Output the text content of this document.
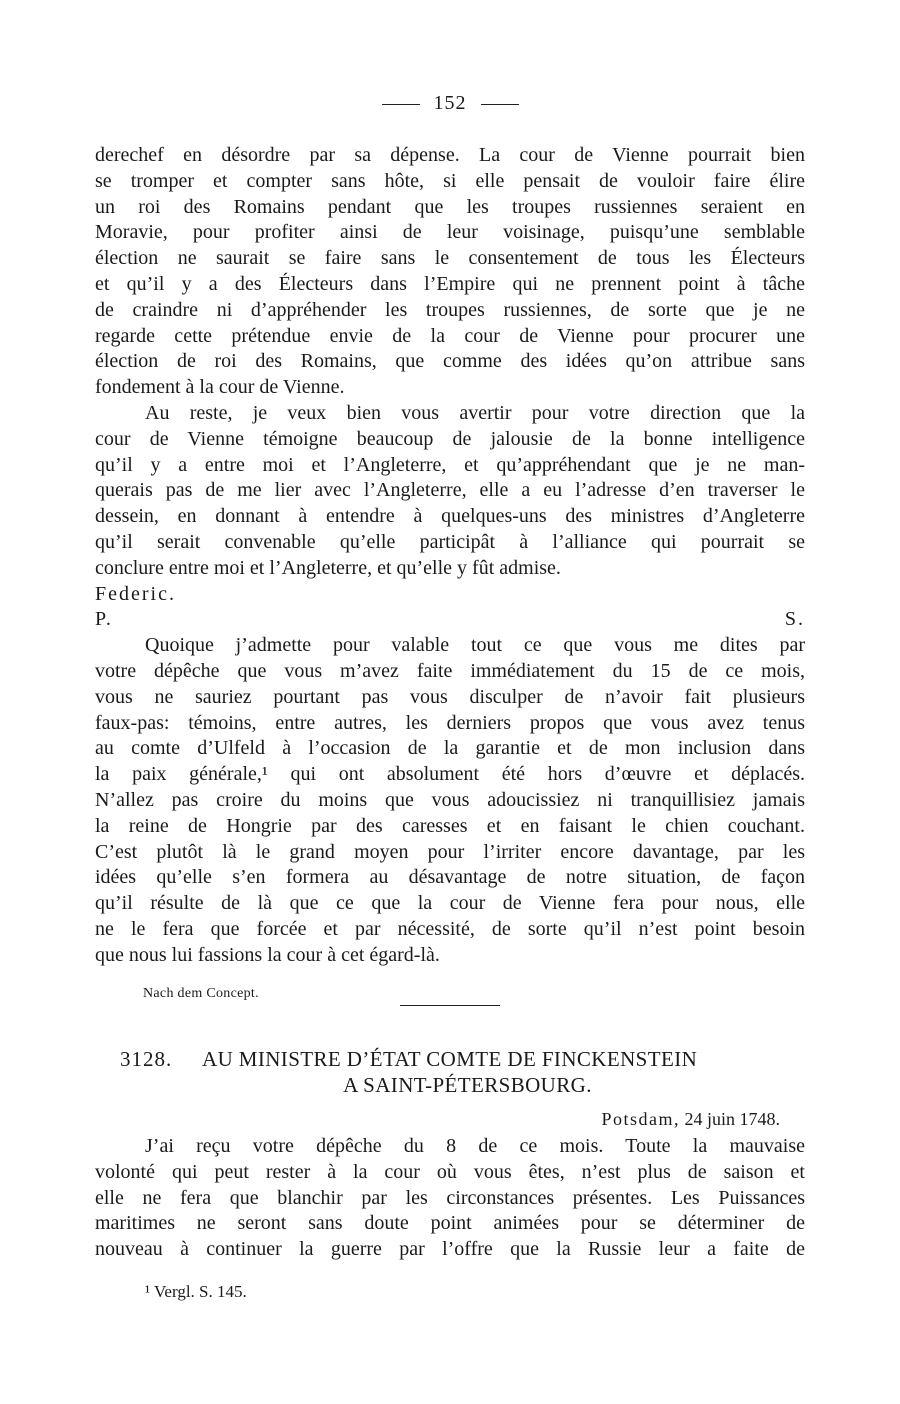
152
derechef en désordre par sa dépense. La cour de Vienne pourrait bien
se tromper et compter sans hôte, si elle pensait de vouloir faire élire
un roi des Romains pendant que les troupes russiennes seraient en
Moravie, pour profiter ainsi de leur voisinage, puisqu’une semblable
élection ne saurait se faire sans le consentement de tous les Électeurs
et qu’il y a des Électeurs dans l’Empire qui ne prennent point à tâche
de craindre ni d’appréhender les troupes russiennes, de sorte que je ne
regarde cette prétendue envie de la cour de Vienne pour procurer une
élection de roi des Romains, que comme des idées qu’on attribue sans
fondement à la cour de Vienne.
Au reste, je veux bien vous avertir pour votre direction que la
cour de Vienne témoigne beaucoup de jalousie de la bonne intelligence
qu’il y a entre moi et l’Angleterre, et qu’appréhendant que je ne man-
querais pas de me lier avec l’Angleterre, elle a eu l’adresse d’en traverser le
dessein, en donnant à entendre à quelques-uns des ministres d’Angleterre
qu’il serait convenable qu’elle participât à l’alliance qui pourrait se
conclure entre moi et l’Angleterre, et qu’elle y fût admise.
Federic.
P. S.
Quoique j’admette pour valable tout ce que vous me dites par
votre dépêche que vous m’avez faite immédiatement du 15 de ce mois,
vous ne sauriez pourtant pas vous disculper de n’avoir fait plusieurs
faux-pas: témoins, entre autres, les derniers propos que vous avez tenus
au comte d’Ulfeld à l’occasion de la garantie et de mon inclusion dans
la paix générale,¹ qui ont absolument été hors d’œuvre et déplacés.
N’allez pas croire du moins que vous adoucissiez ni tranquillisiez jamais
la reine de Hongrie par des caresses et en faisant le chien couchant.
C’est plutôt là le grand moyen pour l’irriter encore davantage, par les
idées qu’elle s’en formera au désavantage de notre situation, de façon
qu’il résulte de là que ce que la cour de Vienne fera pour nous, elle
ne le fera que forcée et par nécessité, de sorte qu’il n’est point besoin
que nous lui fassions la cour à cet égard-là.
Nach dem Concept.
3128.	AU MINISTRE D’ÉTAT COMTE DE FINCKENSTEIN
A SAINT-PÉTERSBOURG.
Potsdam, 24 juin 1748.
J’ai reçu votre dépêche du 8 de ce mois. Toute la mauvaise
volonté qui peut rester à la cour où vous êtes, n’est plus de saison et
elle ne fera que blanchir par les circonstances présentes. Les Puissances
maritimes ne seront sans doute point animées pour se déterminer de
nouveau à continuer la guerre par l’offre que la Russie leur a faite de
¹ Vergl. S. 145.
